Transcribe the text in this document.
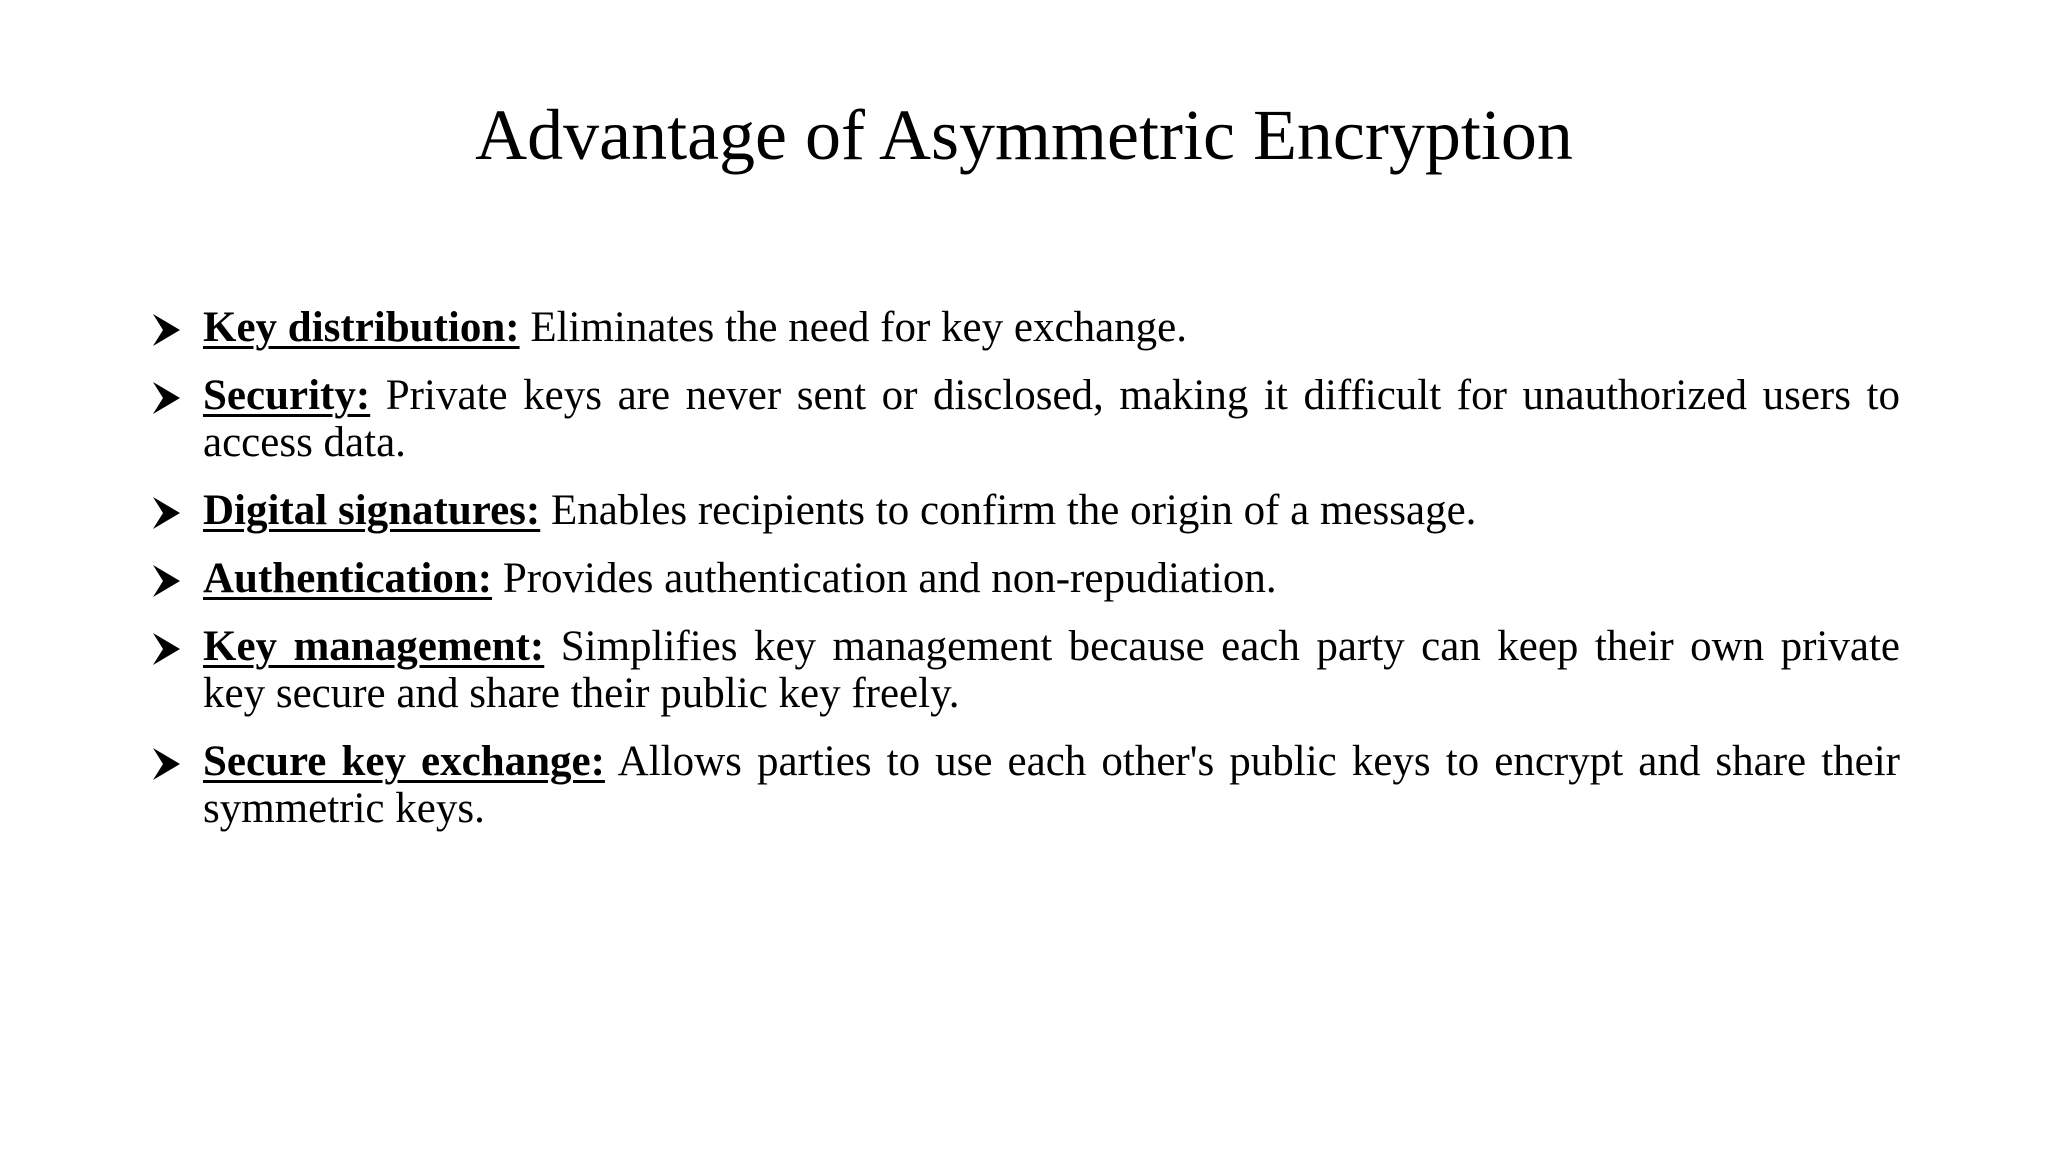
Advantage of Asymmetric Encryption
Key distribution: Eliminates the need for key exchange.
Security: Private keys are never sent or disclosed, making it difficult for unauthorized users to access data.
Digital signatures: Enables recipients to confirm the origin of a message.
Authentication: Provides authentication and non-repudiation.
Key management: Simplifies key management because each party can keep their own private key secure and share their public key freely.
Secure key exchange: Allows parties to use each other's public keys to encrypt and share their symmetric keys.
